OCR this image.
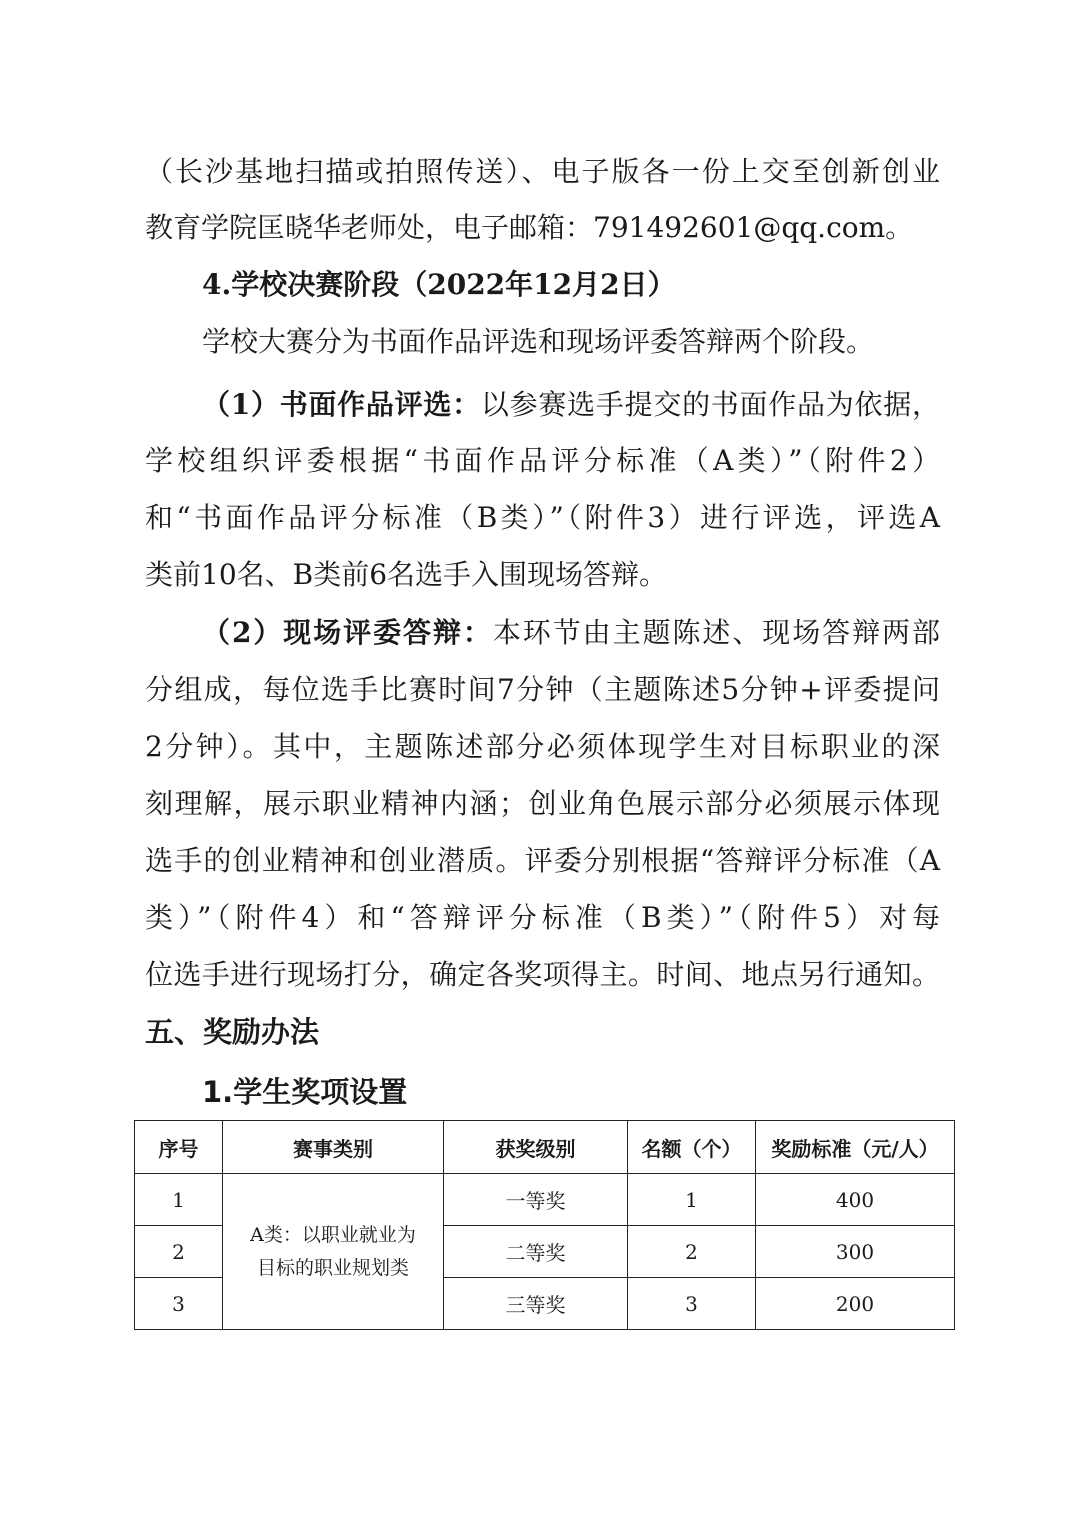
（长沙基地扫描或拍照传送）、电子版各一份上交至创新创业
教育学院匡晓华老师处，电子邮箱：791492601@qq.com。
4.学校决赛阶段（2022年12月2日）
学校大赛分为书面作品评选和现场评委答辩两个阶段。
（1）书面作品评选：以参赛选手提交的书面作品为依据，
学校组织评委根据“书面作品评分标准（A类）”（附件2）
和“书面作品评分标准（B类）”（附件3）进行评选，评选A
类前10名、B类前6名选手入围现场答辩。
（2）现场评委答辩：本环节由主题陈述、现场答辩两部
分组成，每位选手比赛时间7分钟（主题陈述5分钟+评委提问
2分钟）。其中，主题陈述部分必须体现学生对目标职业的深
刻理解，展示职业精神内涵；创业角色展示部分必须展示体现
选手的创业精神和创业潜质。评委分别根据“答辩评分标准（A
类）”（附件4）和“答辩评分标准（B类）”（附件5）对每
位选手进行现场打分，确定各奖项得主。时间、地点另行通知。
五、奖励办法
1.学生奖项设置
序号	赛事类别	获奖级别	名额（个）	奖励标准（元/人）
1	A类：以职业就业为
目标的职业规划类	一等奖	1	400
2		二等奖	2	300
3		三等奖	3	200
